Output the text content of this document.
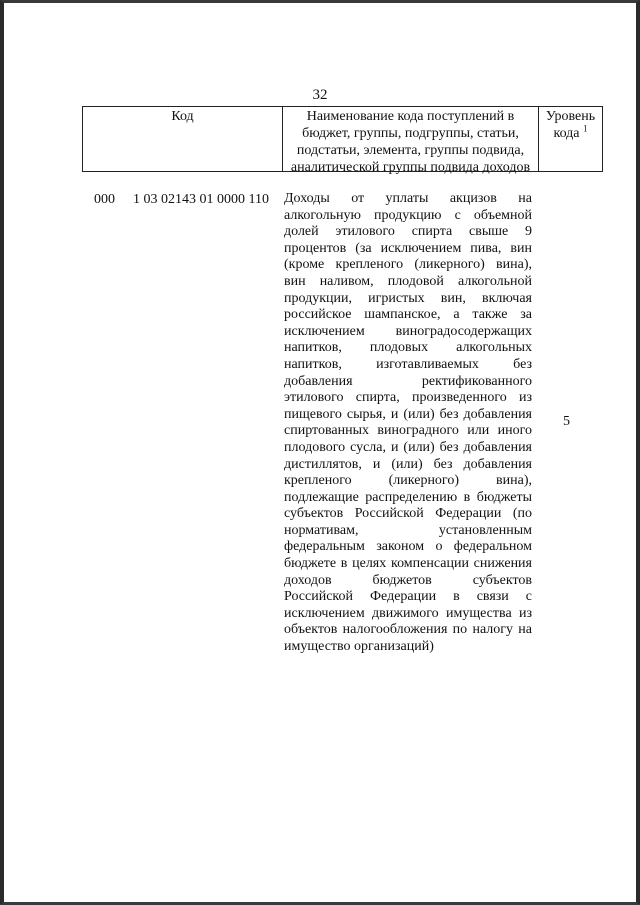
32
Код	Наименование кода поступлений в
бюджет, группы, подгруппы, статьи,
подстатьи, элемента, группы подвида,
аналитической группы подвида доходов
Уровень
кода $^1$
000 1 03 02143 01 0000 110 Доходы от уплаты акцизов на
алкогольную продукцию с объемной
долей этилового спирта свыше 9
процентов (за исключением пива, вин
(кроме крепленого (ликерного) вина),
вин наливом, плодовой алкогольной
продукции, игристых вин, включая
российское шампанское, а также за
исключением виноградосодержащих
напитков, плодовых алкогольных
напитков, изготавливаемых без
добавления ректификованного
этилового спирта, произведенного из
пищевого сырья, и (или) без добавления
спиртованных виноградного или иного
плодового сусла, и (или) без добавления
дистиллятов, и (или) без добавления
крепленого (ликерного) вина),
подлежащие распределению в бюджеты
субъектов Российской Федерации (по
нормативам, установленным
федеральным законом о федеральном
бюджете в целях компенсации снижения
доходов бюджетов субъектов
Российской Федерации в связи с
исключением движимого имущества из
объектов налогообложения по налогу на
имущество организаций)
5
